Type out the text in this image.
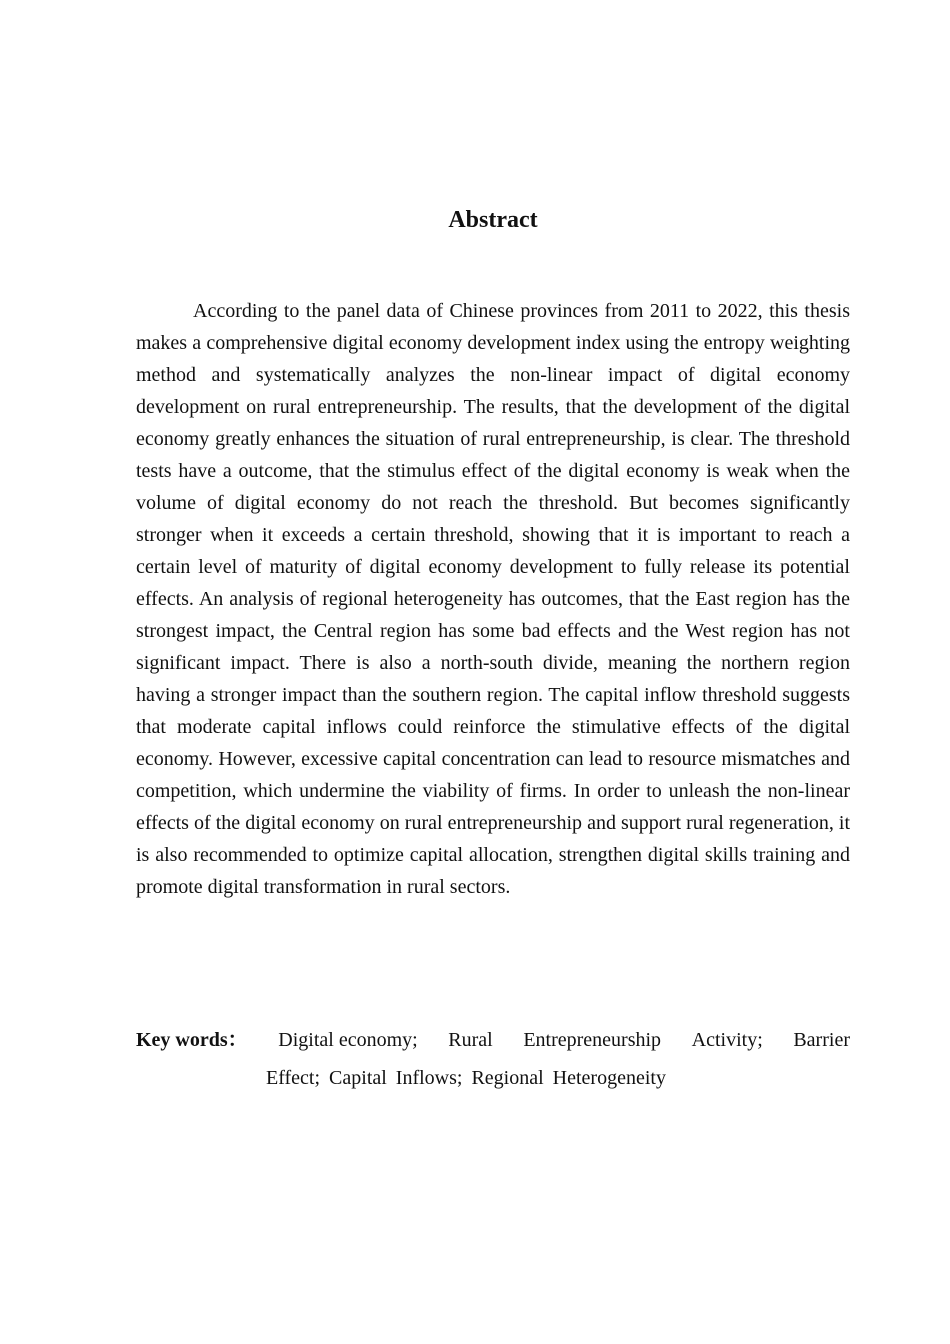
Abstract

According to the panel data of Chinese provinces from 2011 to 2022, this thesis makes a comprehensive digital economy development index using the entropy weighting method and systematically analyzes the non-linear impact of digital economy development on rural entrepreneurship. The results, that the development of the digital economy greatly enhances the situation of rural entrepreneurship, is clear. The threshold tests have a outcome, that the stimulus effect of the digital economy is weak when the volume of digital economy do not reach the threshold. But becomes significantly stronger when it exceeds a certain threshold, showing that it is important to reach a certain level of maturity of digital economy development to fully release its potential effects. An analysis of regional heterogeneity has outcomes, that the East region has the strongest impact, the Central region has some bad effects and the West region has not significant impact. There is also a north-south divide, meaning the northern region having a stronger impact than the southern region. The capital inflow threshold suggests that moderate capital inflows could reinforce the stimulative effects of the digital economy. However, excessive capital concentration can lead to resource mismatches and competition, which undermine the viability of firms. In order to unleash the non-linear effects of the digital economy on rural entrepreneurship and support rural regeneration, it is also recommended to optimize capital allocation, strengthen digital skills training and promote digital transformation in rural sectors.

Key words： Digital economy; Rural Entrepreneurship Activity; Barrier
Effect; Capital Inflows; Regional Heterogeneity
